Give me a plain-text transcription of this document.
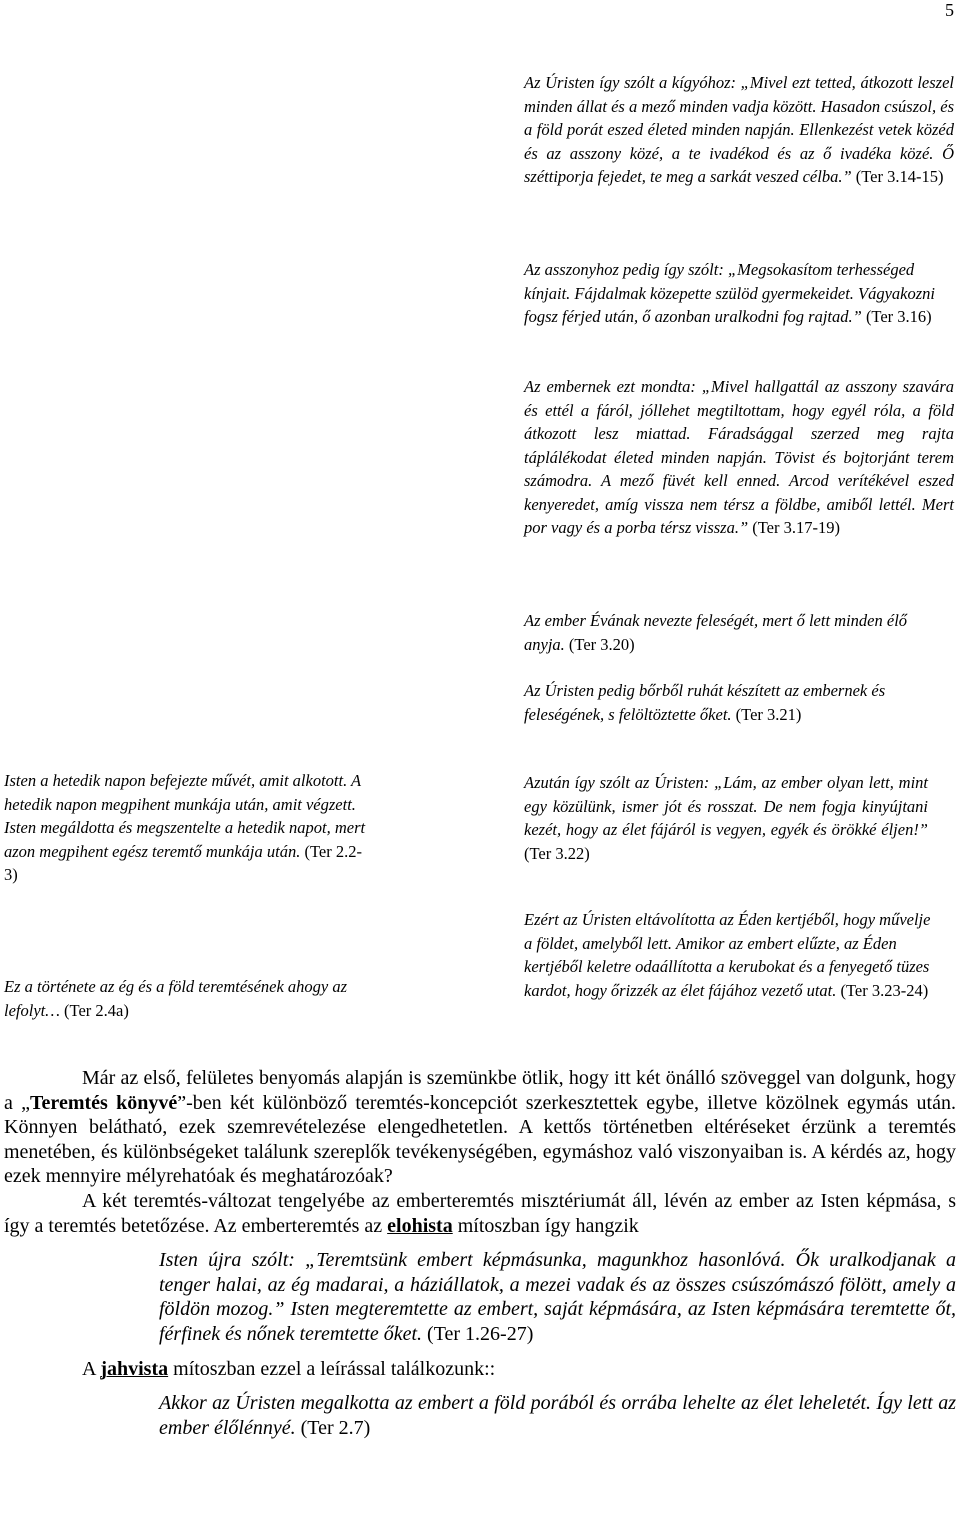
5

Az Úristen így szólt a kígyóhoz: „Mivel ezt tetted, átkozott leszel minden állat és a mező minden vadja között. Hasadon csúszol, és a föld porát eszed életed minden napján. Ellenkezést vetek közéd és az asszony közé, a te ivadékod és az ő ivadéka közé. Ő széttiporja fejedet, te meg a sarkát veszed célba.” (Ter 3.14-15)

Az asszonyhoz pedig így szólt: „Megsokasítom terhességed kínjait. Fájdalmak közepette szülöd gyermekeidet. Vágyakozni fogsz férjed után, ő azonban uralkodni fog rajtad.” (Ter 3.16)

Az embernek ezt mondta: „Mivel hallgattál az asszony szavára és ettél a fáról, jóllehet megtiltottam, hogy egyél róla, a föld átkozott lesz miattad. Fáradsággal szerzed meg rajta táplálékodat életed minden napján. Tövist és bojtorjánt terem számodra. A mező füvét kell enned. Arcod verítékével eszed kenyeredet, amíg vissza nem térsz a földbe, amiből lettél. Mert por vagy és a porba térsz vissza.” (Ter 3.17-19)

Az ember Évának nevezte feleségét, mert ő lett minden élő anyja. (Ter 3.20)

Az Úristen pedig bőrből ruhát készített az embernek és feleségének, s felöltöztette őket. (Ter 3.21)

Azután így szólt az Úristen: „Lám, az ember olyan lett, mint egy közülünk, ismer jót és rosszat. De nem fogja kinyújtani kezét, hogy az élet fájáról is vegyen, egyék és örökké éljen!” (Ter 3.22)

Ezért az Úristen eltávolította az Éden kertjéből, hogy művelje a földet, amelyből lett. Amikor az embert elűzte, az Éden kertjéből keletre odaállította a kerubokat és a fenyegető tüzes kardot, hogy őrizzék az élet fájához vezető utat. (Ter 3.23-24)

Isten a hetedik napon befejezte művét, amit alkotott. A hetedik napon megpihent munkája után, amit végzett. Isten megáldotta és megszentelte a hetedik napot, mert azon megpihent egész teremtő munkája után. (Ter 2.2-3)

Ez a története az ég és a föld teremtésének ahogy az lefolyt… (Ter 2.4a)

Már az első, felületes benyomás alapján is szemünkbe ötlik, hogy itt két önálló szöveggel van dolgunk, hogy a „Teremtés könyvé”-ben két különböző teremtés-koncepciót szerkesztettek egybe, illetve közölnek egymás után. Könnyen belátható, ezek szemrevételezése elengedhetetlen. A kettős történetben eltéréseket érzünk a teremtés menetében, és különbségeket találunk szereplők tevékenységében, egymáshoz való viszonyaiban is. A kérdés az, hogy ezek mennyire mélyrehatóak és meghatározóak?

A két teremtés-változat tengelyébe az emberteremtés misztériumát áll, lévén az ember az Isten képmása, s így a teremtés betetőzése. Az emberteremtés az elohista mítoszban így hangzik

Isten újra szólt: „Teremtsünk embert képmásunka, magunkhoz hasonlóvá. Ők uralkodjanak a tenger halai, az ég madarai, a háziállatok, a mezei vadak és az összes csúszómászó fölött, amely a földön mozog.” Isten megteremtette az embert, saját képmására, az Isten képmására teremtette őt, férfinek és nőnek teremtette őket. (Ter 1.26-27)

A jahvista mítoszban ezzel a leírással találkozunk::

Akkor az Úristen megalkotta az embert a föld porából és orrába lehelte az élet leheletét. Így lett az ember élőlénnyé. (Ter 2.7)
